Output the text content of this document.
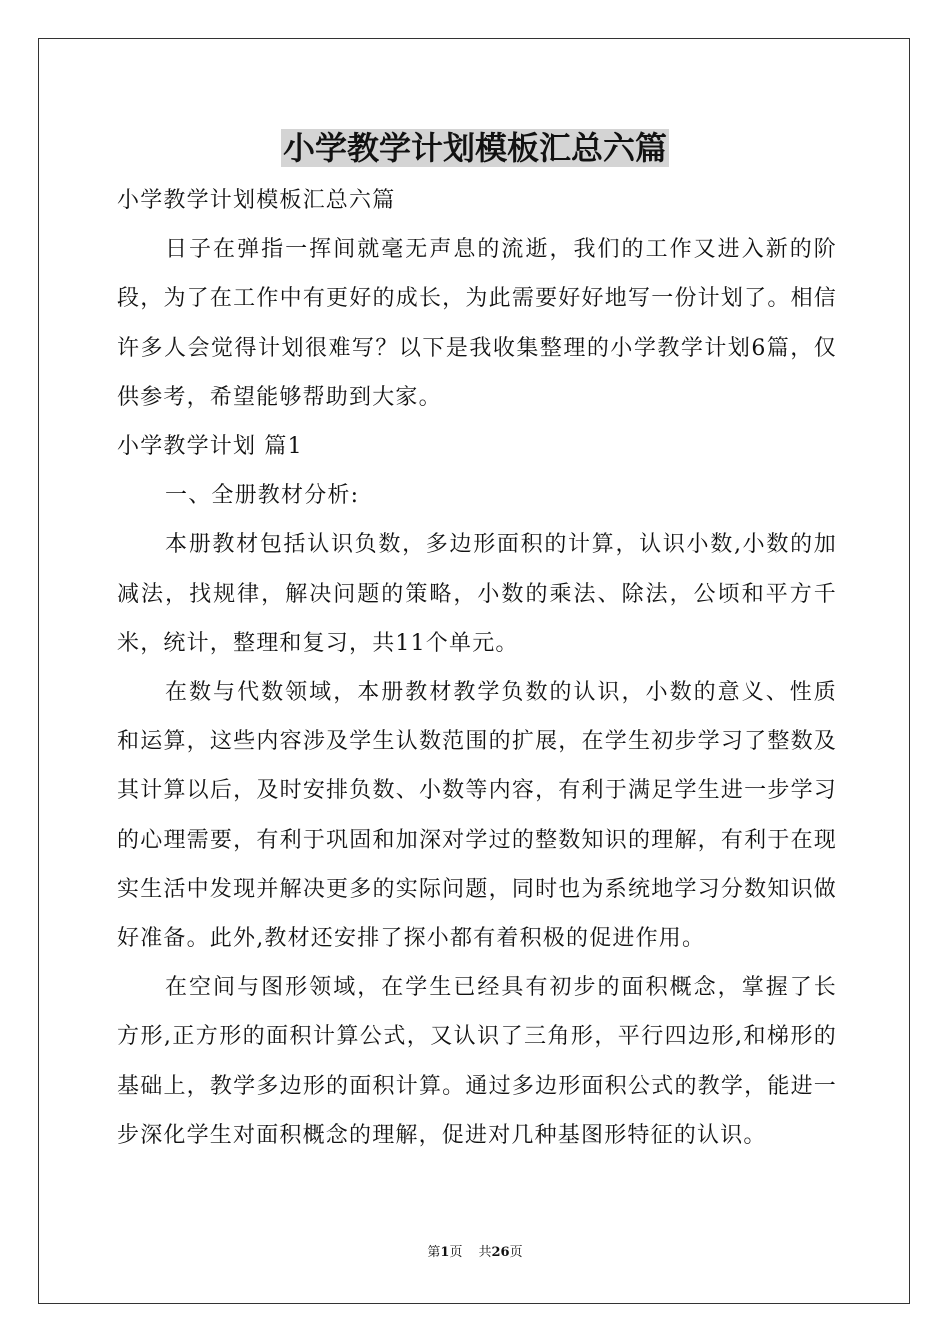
小学教学计划模板汇总六篇

小学教学计划模板汇总六篇

日子在弹指一挥间就毫无声息的流逝，我们的工作又进入新的阶段，为了在工作中有更好的成长，为此需要好好地写一份计划了。相信许多人会觉得计划很难写？以下是我收集整理的小学教学计划6篇，仅供参考，希望能够帮助到大家。

小学教学计划 篇1

一、全册教材分析:

本册教材包括认识负数，多边形面积的计算，认识小数,小数的加减法，找规律，解决问题的策略，小数的乘法、除法，公顷和平方千米，统计，整理和复习，共11个单元。

在数与代数领域，本册教材教学负数的认识，小数的意义、性质和运算，这些内容涉及学生认数范围的扩展，在学生初步学习了整数及其计算以后，及时安排负数、小数等内容，有利于满足学生进一步学习的心理需要，有利于巩固和加深对学过的整数知识的理解，有利于在现实生活中发现并解决更多的实际问题，同时也为系统地学习分数知识做好准备。此外,教材还安排了探小都有着积极的促进作用。

在空间与图形领域，在学生已经具有初步的面积概念，掌握了长方形,正方形的面积计算公式，又认识了三角形，平行四边形,和梯形的基础上，教学多边形的面积计算。通过多边形面积公式的教学，能进一步深化学生对面积概念的理解，促进对几种基图形特征的认识。

第1页 共26页
